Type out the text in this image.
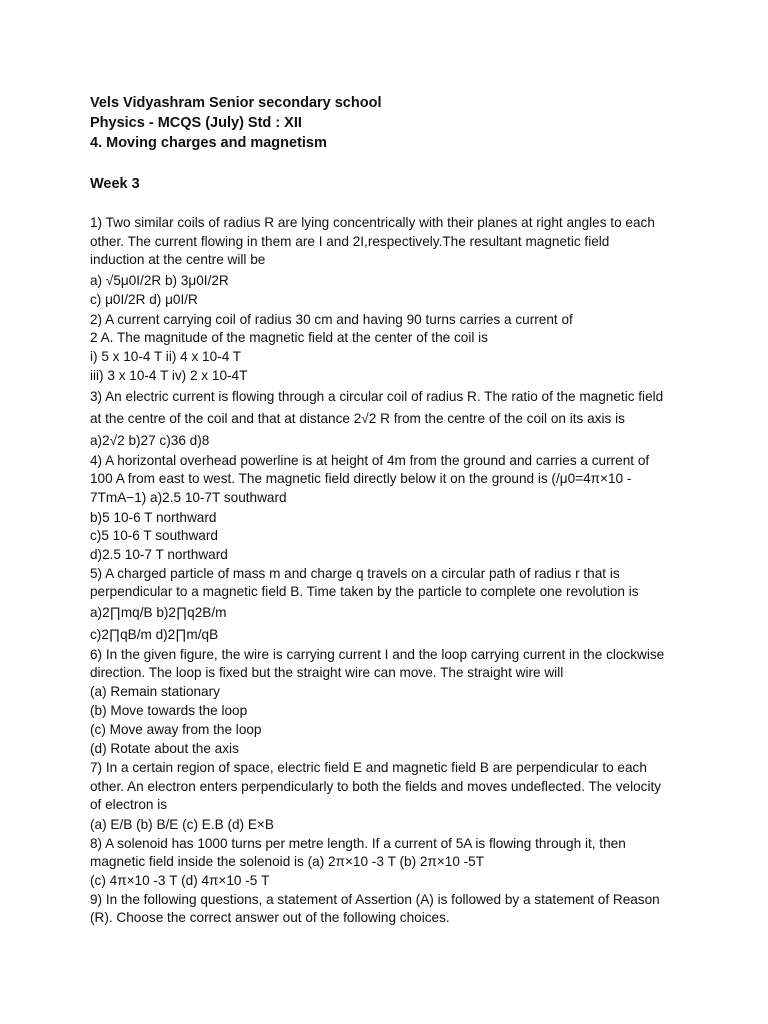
Vels Vidyashram Senior secondary school
Physics - MCQS (July) Std : XII
4. Moving charges and magnetism
Week 3
1) Two similar coils of radius R are lying concentrically with their planes at right angles to each
other. The current flowing in them are I and 2I,respectively.The resultant magnetic field
induction at the centre will be
a) √5μ0I/2R b) 3μ0I/2R
c) μ0I/2R d) μ0I/R
2) A current carrying coil of radius 30 cm and having 90 turns carries a current of
2 A. The magnitude of the magnetic field at the center of the coil is
i) 5 x 10-4 T ii) 4 x 10-4 T
iii) 3 x 10-4 T iv) 2 x 10-4T
3) An electric current is flowing through a circular coil of radius R. The ratio of the magnetic field
at the centre of the coil and that at distance 2√2 R from the centre of the coil on its axis is
a)2√2 b)27 c)36 d)8
4) A horizontal overhead powerline is at height of 4m from the ground and carries a current of
100 A from east to west. The magnetic field directly below it on the ground is (/μ0=4π×10 -
7TmA−1) a)2.5 10-7T southward
b)5 10-6 T northward
c)5 10-6 T southward
d)2.5 10-7 T northward
5) A charged particle of mass m and charge q travels on a circular path of radius r that is
perpendicular to a magnetic field B. Time taken by the particle to complete one revolution is
a)2∏mq/B b)2∏q2B/m
c)2∏qB/m d)2∏m/qB
6) In the given figure, the wire is carrying current I and the loop carrying current in the clockwise
direction. The loop is fixed but the straight wire can move. The straight wire will
(a) Remain stationary
(b) Move towards the loop
(c) Move away from the loop
(d) Rotate about the axis
7) In a certain region of space, electric field E and magnetic field B are perpendicular to each
other. An electron enters perpendicularly to both the fields and moves undeflected. The velocity
of electron is
(a) E/B (b) B/E (c) E.B (d) E×B
8) A solenoid has 1000 turns per metre length. If a current of 5A is flowing through it, then
magnetic field inside the solenoid is (a) 2π×10 -3 T (b) 2π×10 -5T
(c) 4π×10 -3 T (d) 4π×10 -5 T
9) In the following questions, a statement of Assertion (A) is followed by a statement of Reason
(R). Choose the correct answer out of the following choices.
